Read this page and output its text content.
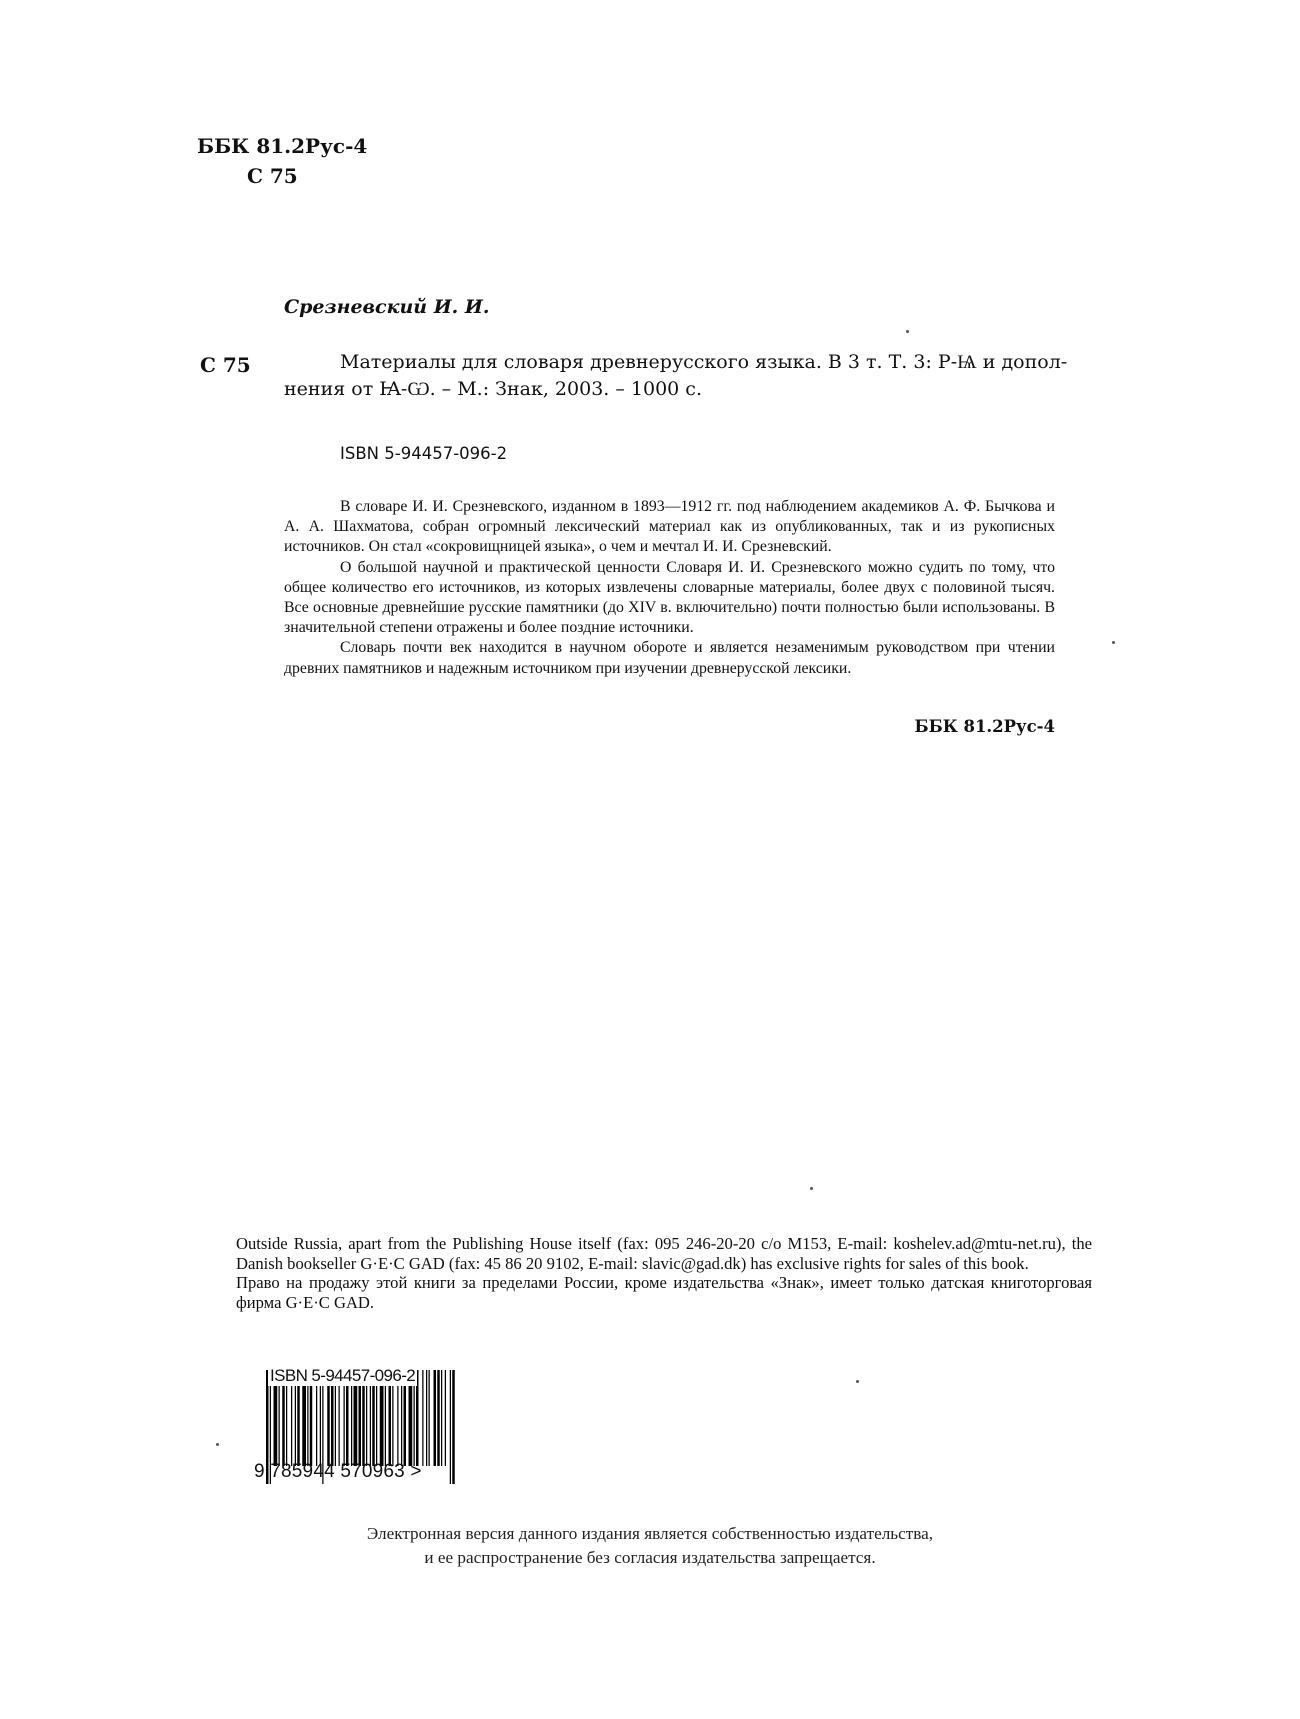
ББК 81.2Рус-4
С 75
Срезневский И. И.
С 75	Материалы для словаря древнерусского языка. В 3 т. Т. 3: Р-Ѩ и допол-
нения от Ꙗ-Ѡ. – М.: Знак, 2003. – 1000 с.
ISBN 5-94457-096-2

В словаре И. И. Срезневского, изданном в 1893—1912 гг. под наблюдением академиков А. Ф. Бычкова и А. А. Шахматова, собран огромный лексический материал как из опубликованных, так и из рукописных источников. Он стал «сокровищницей языка», о чем и мечтал И. И. Срезневский.

О большой научной и практической ценности Словаря И. И. Срезневского можно судить по тому, что общее количество его источников, из которых извлечены словарные материалы, более двух с половиной тысяч. Все основные древнейшие русские памятники (до XIV в. включительно) почти полностью были использованы. В значительной степени отражены и более поздние источники.

Словарь почти век находится в научном обороте и является незаменимым руководством при чтении древних памятников и надежным источником при изучении древнерусской лексики.

ББК 81.2Рус-4

Outside Russia, apart from the Publishing House itself (fax: 095 246-20-20 c/o M153, E-mail: koshelev.ad@mtu-net.ru), the Danish bookseller G·E·C GAD (fax: 45 86 20 9102, E-mail: slavic@gad.dk) has exclusive rights for sales of this book.

Право на продажу этой книги за пределами России, кроме издательства «Знак», имеет только датская книготорговая фирма G·E·C GAD.

ISBN 5-94457-096-2
9 785944 570963 >
Электронная версия данного издания является собственностью издательства,
и ее распространение без согласия издательства запрещается.
